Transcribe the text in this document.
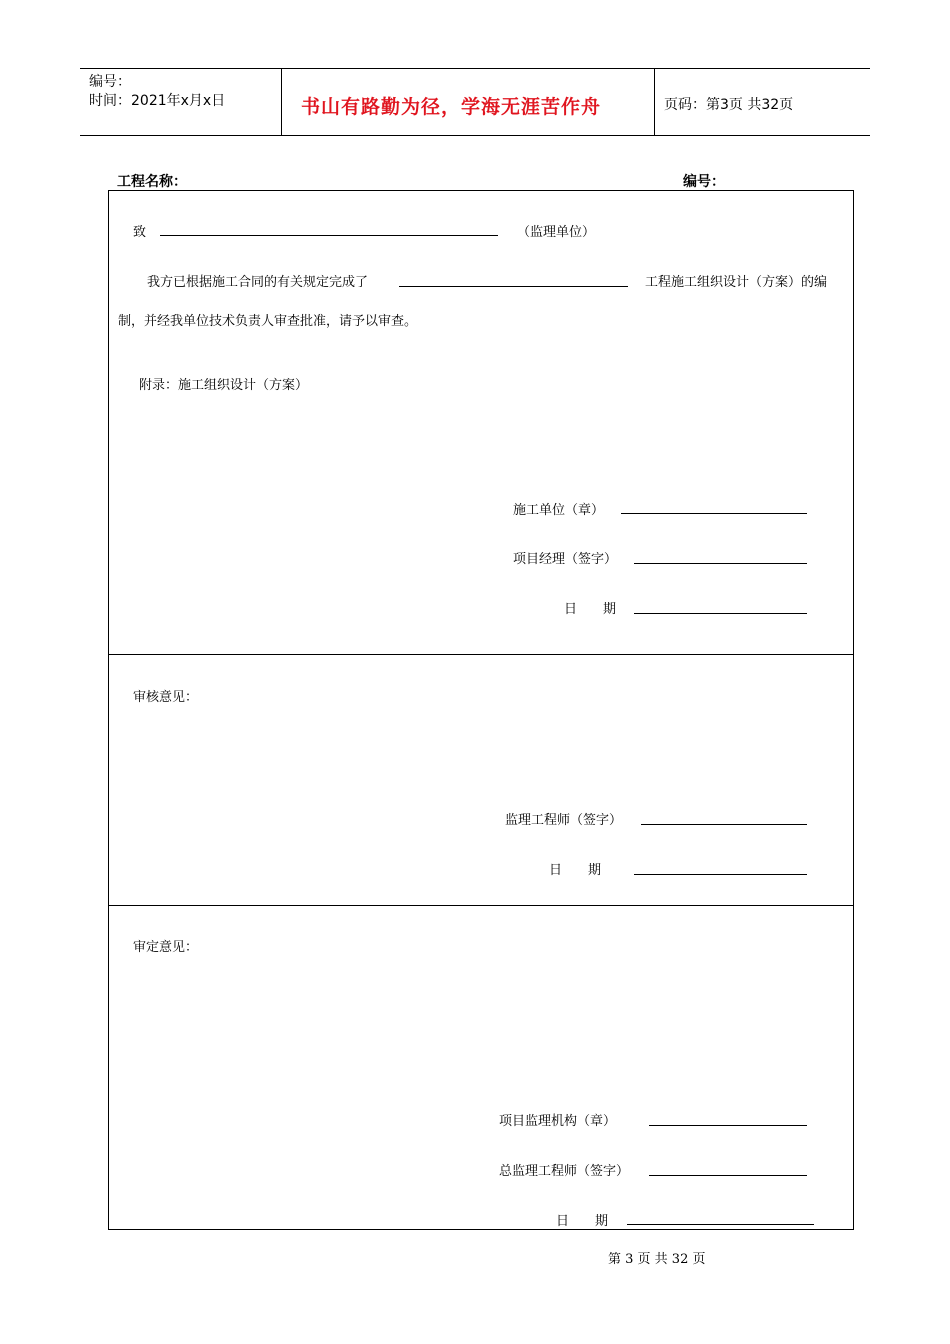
编号：
时间：2021年x月x日	书山有路勤为径，学海无涯苦作舟	页码：第3页 共32页
工程名称：	编号：
致	（监理单位）
我方已根据施工合同的有关规定完成了	工程施工组织设计（方案）的编
制，并经我单位技术负责人审查批准，请予以审查。
附录：施工组织设计（方案）
施工单位（章）
项目经理（签字）
日　　期
审核意见：
监理工程师（签字）
日　　期
审定意见：
项目监理机构（章）
总监理工程师（签字）
日　　期
第 3 页 共 32 页
